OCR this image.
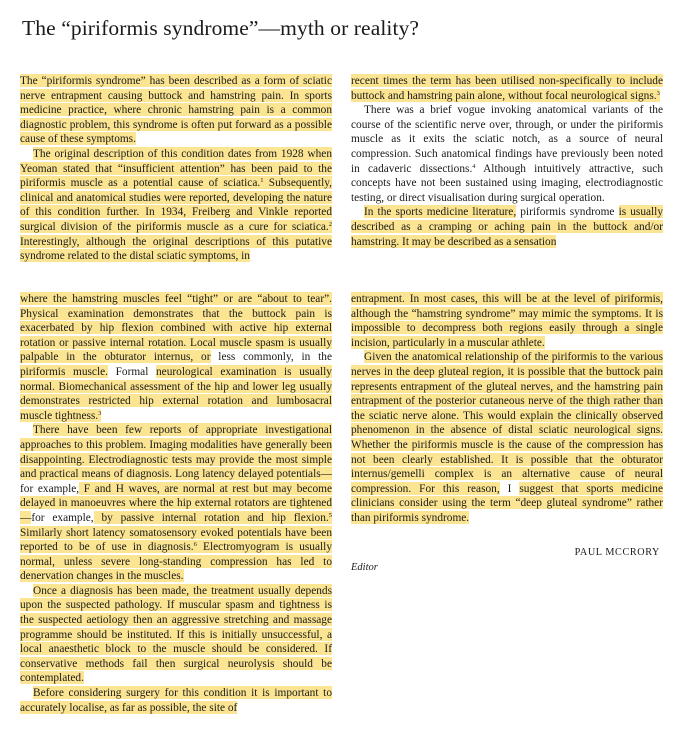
The “piriformis syndrome”—myth or reality?

The “piriformis syndrome” has been described as a form of sciatic nerve entrapment causing buttock and hamstring pain. In sports medicine practice, where chronic hamstring pain is a common diagnostic problem, this syndrome is often put forward as a possible cause of these symptoms.

The original description of this condition dates from 1928 when Yeoman stated that “insufficient attention” has been paid to the piriformis muscle as a potential cause of sciatica.$^1$ Subsequently, clinical and anatomical studies were reported, developing the nature of this condition further. In 1934, Freiberg and Vinkle reported surgical division of the piriformis muscle as a cure for sciatica.$^2$ Interestingly, although the original descriptions of this putative syndrome related to the distal sciatic symptoms, in

recent times the term has been utilised non-specifically to include buttock and hamstring pain alone, without focal neurological signs.$^3$

There was a brief vogue invoking anatomical variants of the course of the scientific nerve over, through, or under the piriformis muscle as it exits the sciatic notch, as a source of neural compression. Such anatomical findings have previously been noted in cadaveric dissections.$^4$ Although intuitively attractive, such concepts have not been sustained using imaging, electrodiagnostic testing, or direct visualisation during surgical operation.

In the sports medicine literature, piriformis syndrome is usually described as a cramping or aching pain in the buttock and/or hamstring. It may be described as a sensation

where the hamstring muscles feel “tight” or are “about to tear”. Physical examination demonstrates that the buttock pain is exacerbated by hip flexion combined with active hip external rotation or passive internal rotation. Local muscle spasm is usually palpable in the obturator internus, or less commonly, in the piriformis muscle. Formal neurological examination is usually normal. Biomechanical assessment of the hip and lower leg usually demonstrates restricted hip external rotation and lumbosacral muscle tightness.$^3$

There have been few reports of appropriate investigational approaches to this problem. Imaging modalities have generally been disappointing. Electrodiagnostic tests may provide the most simple and practical means of diagnosis. Long latency delayed potentials—for example, F and H waves, are normal at rest but may become delayed in manoeuvres where the hip external rotators are tightened—for example, by passive internal rotation and hip flexion.$^5$ Similarly short latency somatosensory evoked potentials have been reported to be of use in diagnosis.$^6$ Electromyogram is usually normal, unless severe long-standing compression has led to denervation changes in the muscles.

Once a diagnosis has been made, the treatment usually depends upon the suspected pathology. If muscular spasm and tightness is the suspected aetiology then an aggressive stretching and massage programme should be instituted. If this is initially unsuccessful, a local anaesthetic block to the muscle should be considered. If conservative methods fail then surgical neurolysis should be contemplated.

Before considering surgery for this condition it is important to accurately localise, as far as possible, the site of

entrapment. In most cases, this will be at the level of piriformis, although the “hamstring syndrome” may mimic the symptoms. It is impossible to decompress both regions easily through a single incision, particularly in a muscular athlete.

Given the anatomical relationship of the piriformis to the various nerves in the deep gluteal region, it is possible that the buttock pain represents entrapment of the gluteal nerves, and the hamstring pain entrapment of the posterior cutaneous nerve of the thigh rather than the sciatic nerve alone. This would explain the clinically observed phenomenon in the absence of distal sciatic neurological signs. Whether the piriformis muscle is the cause of the compression has not been clearly established. It is possible that the obturator internus/gemelli complex is an alternative cause of neural compression. For this reason, I suggest that sports medicine clinicians consider using the term “deep gluteal syndrome” rather than piriformis syndrome.

PAUL MCCRORY
Editor
